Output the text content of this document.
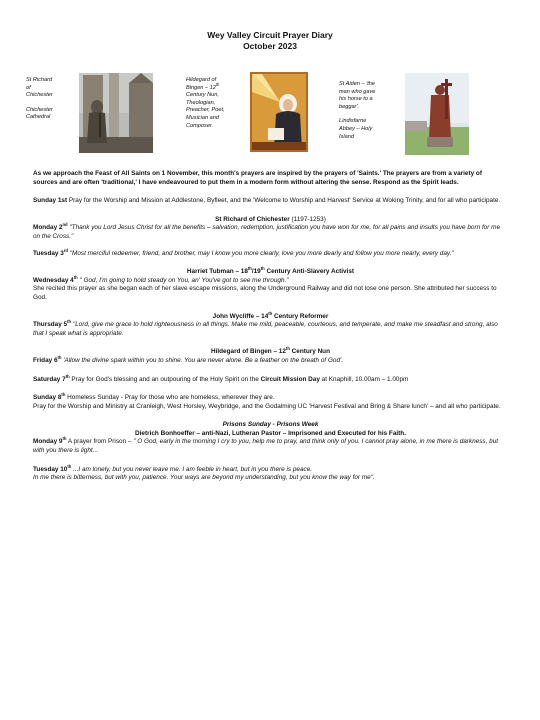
Wey Valley Circuit Prayer Diary
October 2023
St Richard
of
Chichester
Chichester
Cathedral
Hildegard of
Bingen – 12th
Century Nun,
Theologian,
Preacher, Poet,
Musician and
Composer.
St Aiden – 'the
man who gave
his horse to a
beggar'.
Lindisfarne
Abbey – Holy
Island

As we approach the Feast of All Saints on 1 November, this month's prayers are inspired by the prayers of 'Saints.' The prayers are from a variety of sources and are often 'traditional,' I have endeavoured to put them in a modern form without altering the sense. Respond as the Spirit leads.

Sunday 1st Pray for the Worship and Mission at Addlestone, Byfleet, and the 'Welcome to Worship and Harvest' Service at Woking Trinity, and for all who participate.

St Richard of Chichester (1197-1253)

Monday 2nd "Thank you Lord Jesus Christ for all the benefits – salvation, redemption, justification you have won for me, for all pains and insults you have born for me on the Cross."

Tuesday 3rd "Most merciful redeemer, friend, and brother, may I know you more clearly, love you more dearly and follow you more nearly, every day."

Harriet Tubman – 18th/19th Century Anti-Slavery Activist

Wednesday 4th " God, I'm going to hold steady on You, an' You've got to see me through."

She recited this prayer as she began each of her slave escape missions, along the Underground Railway and did not lose one person. She attributed her success to God.

John Wycliffe – 14th Century Reformer

Thursday 5th "Lord, give me grace to hold righteousness in all things. Make me mild, peaceable, courteous, and temperate, and make me steadfast and strong, also that I speak what is appropriate.

Hildegard of Bingen – 12th Century Nun

Friday 6th 'Allow the divine spark within you to shine. You are never alone. Be a feather on the breath of God'.

Saturday 7th Pray for God's blessing and an outpouring of the Holy Spirit on the Circuit Mission Day at Knaphill, 10.00am – 1.00pm

Sunday 8th Homeless Sunday - Pray for those who are homeless, wherever they are.

Pray for the Worship and Ministry at Cranleigh, West Horsley, Weybridge, and the Godalming UC 'Harvest Festival and Bring & Share lunch' – and all who participate.

Prisons Sunday - Prisons Week

Dietrich Bonhoeffer – anti-Nazi, Lutheran Pastor – Imprisoned and Executed for his Faith.

Monday 9th A prayer from Prison – " O God, early in the morning I cry to you, help me to pray, and think only of you. I cannot pray alone, in me there is darkness, but with you there is light...

Tuesday 10th ...I am lonely, but you never leave me. I am feeble in heart, but in you there is peace.

In me there is bitterness, but with you, patience. Your ways are beyond my understanding, but you know the way for me".
